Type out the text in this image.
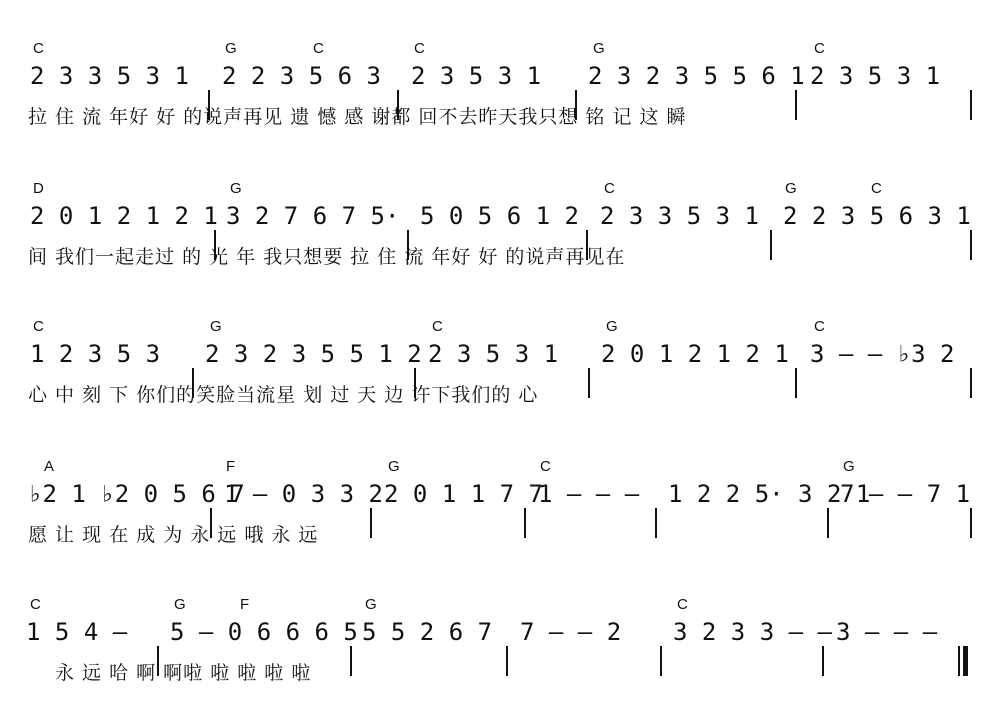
C	G	C	C	G	C
2 3 3 5 3 1 2 2 3 5 6 3 2 3 5 3 1 2 3 2 3 5 5 6 1 2 3 5 3 1
拉 住 流 年好 好 的说声再见 遗 憾 感 谢都 回不去昨天我只想 铭 记 这 瞬
D	G	C	G	C
2 0 1 2 1 2 1 3 2 7 6 7 5· 5 0 5 6 1 2 2 3 3 5 3 1 2 2 3 5 6 3 1
间 我们一起走过 的 光 年 我只想要 拉 住 流 年好 好 的说声再见在
C	G	C	G	C
1 2 3 5 3 2 3 2 3 5 5 1 2 2 3 5 3 1 2 0 1 2 1 2 1 3 – – ♭3 2
心 中 刻 下 你们的笑脸当流星 划 过 天 边 许下我们的 心
A	F	G	C	G
♭2 1 ♭2 0 5 6 7
1 – 0 3 3 2 2 0 1 1 7 7
1 – – – 1 2 2 5· 3 2 1
7 – – 7 1
愿 让 现 在 成 为 永 远 哦 永 远
C	G	F	G	C
1 5 4 – 5 – 0 6 6 6 5 5 5 2 6 7 7 – – 2 3 2 3 3 – – 3 – – –
永 远 哈 啊 啊啦 啦 啦 啦 啦
